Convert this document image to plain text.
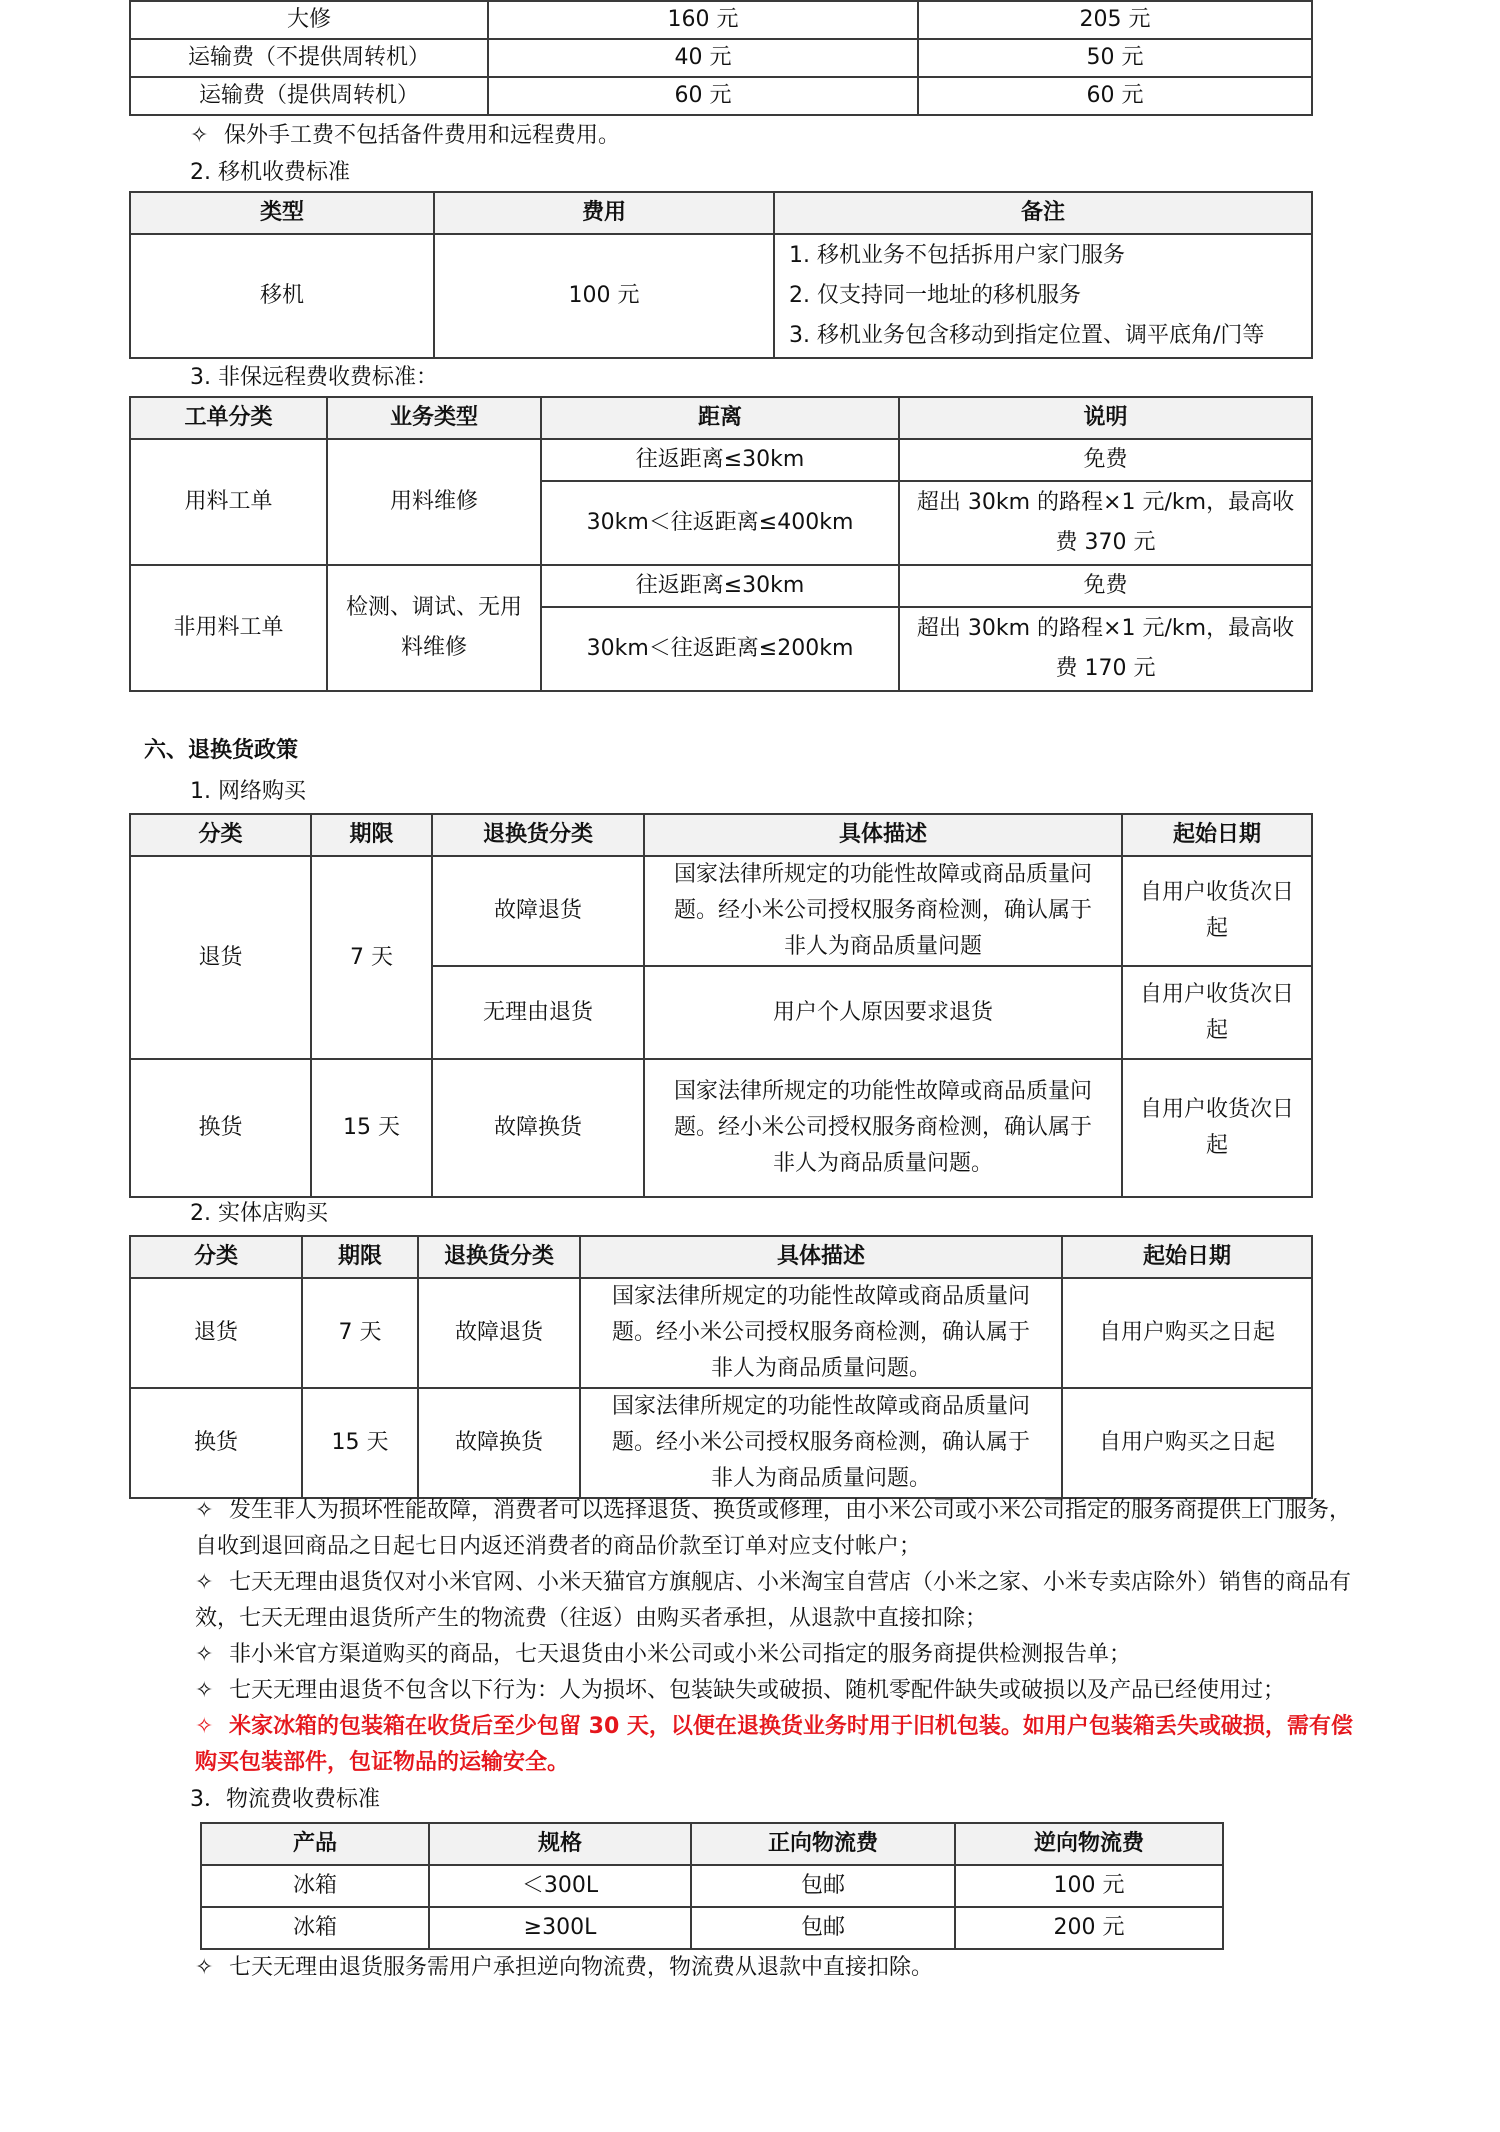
大修	160 元	205 元
运输费（不提供周转机）	40 元	50 元
运输费（提供周转机）	60 元	60 元
✧ 保外手工费不包括备件费用和远程费用。
2. 移机收费标准
类型	费用	备注
移机	100 元	1. 移机业务不包括拆用户家门服务
2. 仅支持同一地址的移机服务
3. 移机业务包含移动到指定位置、调平底角/门等
3. 非保远程费收费标准：
工单分类	业务类型	距离	说明
用料工单	用料维修	往返距离≤30km	免费
		30km＜往返距离≤400km	超出 30km 的路程×1 元/km，最高收费 370 元
非用料工单	检测、调试、无用料维修	往返距离≤30km	免费
		30km＜往返距离≤200km	超出 30km 的路程×1 元/km，最高收费 170 元
六、退换货政策
1. 网络购买
分类	期限	退换货分类	具体描述	起始日期
退货	7 天	故障退货	国家法律所规定的功能性故障或商品质量问题。经小米公司授权服务商检测，确认属于非人为商品质量问题	自用户收货次日起
		无理由退货	用户个人原因要求退货	自用户收货次日起
换货	15 天	故障换货	国家法律所规定的功能性故障或商品质量问题。经小米公司授权服务商检测，确认属于非人为商品质量问题。	自用户收货次日起
2. 实体店购买
分类	期限	退换货分类	具体描述	起始日期
退货	7 天	故障退货	国家法律所规定的功能性故障或商品质量问题。经小米公司授权服务商检测，确认属于非人为商品质量问题。	自用户购买之日起
换货	15 天	故障换货	国家法律所规定的功能性故障或商品质量问题。经小米公司授权服务商检测，确认属于非人为商品质量问题。	自用户购买之日起
✧ 发生非人为损坏性能故障，消费者可以选择退货、换货或修理，由小米公司或小米公司指定的服务商提供上门服务，自收到退回商品之日起七日内返还消费者的商品价款至订单对应支付帐户；
✧ 七天无理由退货仅对小米官网、小米天猫官方旗舰店、小米淘宝自营店（小米之家、小米专卖店除外）销售的商品有效，七天无理由退货所产生的物流费（往返）由购买者承担，从退款中直接扣除；
✧ 非小米官方渠道购买的商品，七天退货由小米公司或小米公司指定的服务商提供检测报告单；
✧ 七天无理由退货不包含以下行为：人为损坏、包装缺失或破损、随机零配件缺失或破损以及产品已经使用过；
✧ 米家冰箱的包装箱在收货后至少包留 30 天，以便在退换货业务时用于旧机包装。如用户包装箱丢失或破损，需有偿购买包装部件，包证物品的运输安全。
3．物流费收费标准
产品	规格	正向物流费	逆向物流费
冰箱	＜300L	包邮	100 元
冰箱	≥300L	包邮	200 元
✧ 七天无理由退货服务需用户承担逆向物流费，物流费从退款中直接扣除。
